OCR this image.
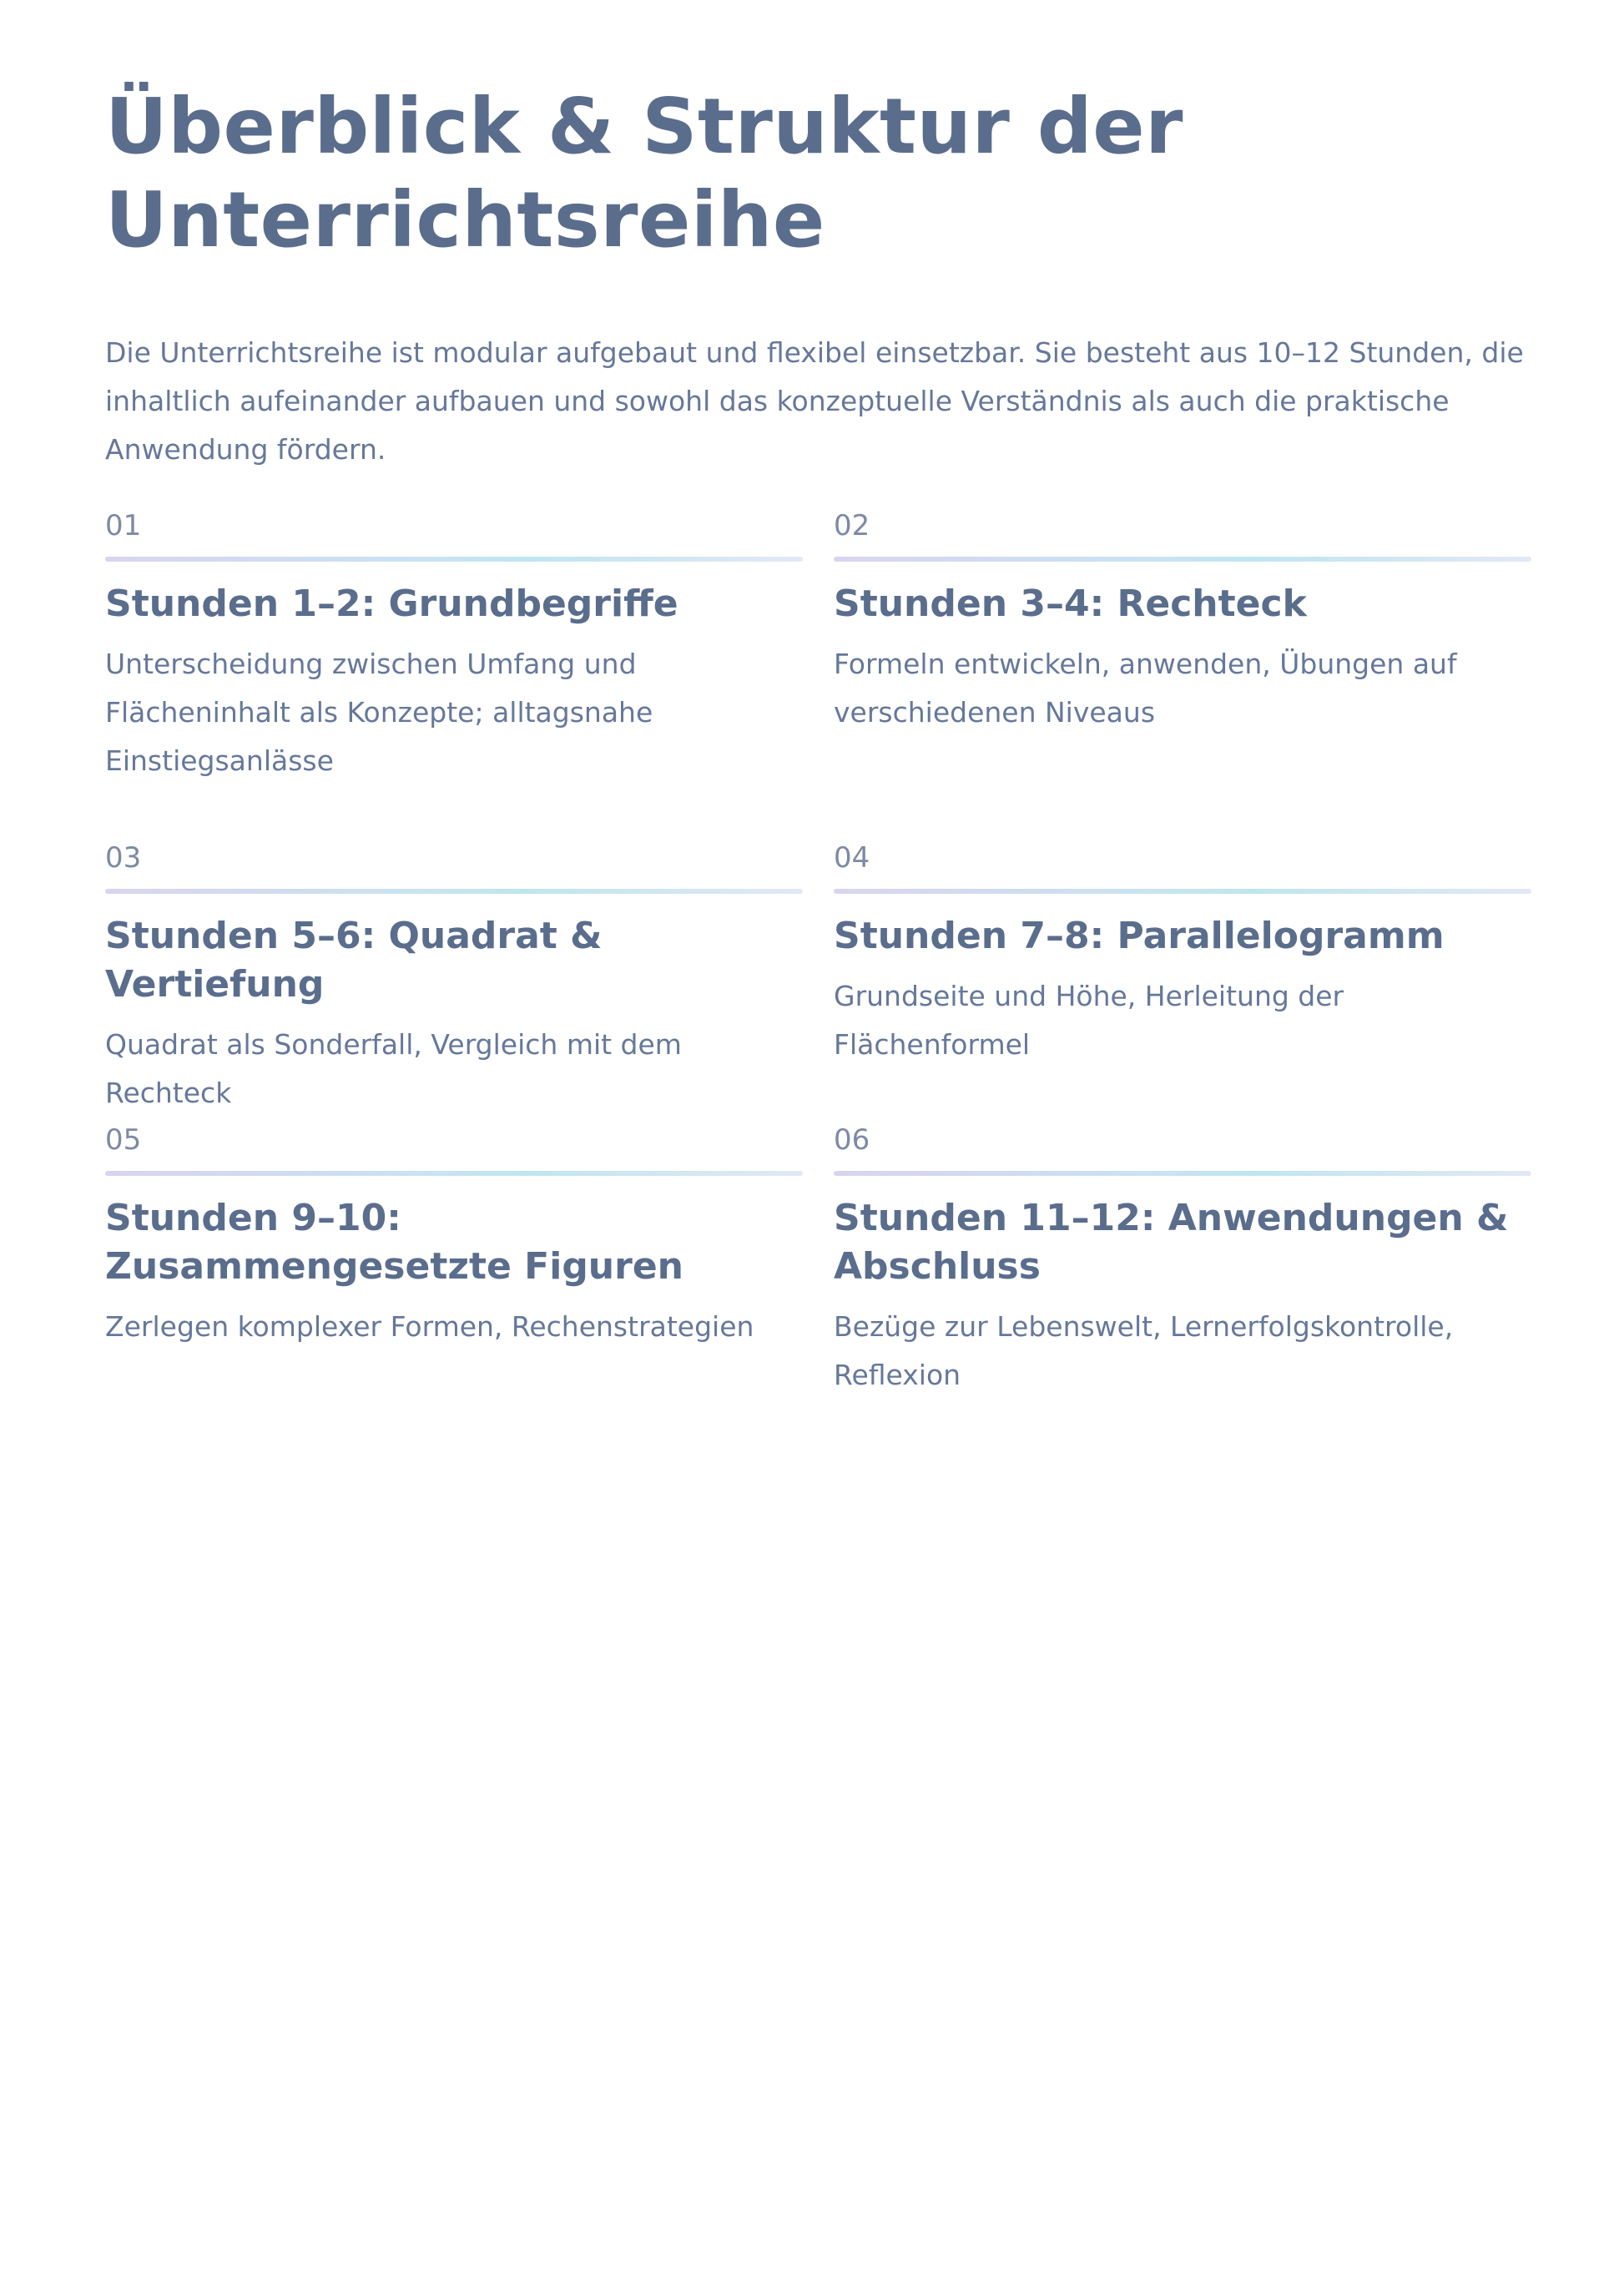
Überblick & Struktur der Unterrichtsreihe

Die Unterrichtsreihe ist modular aufgebaut und flexibel einsetzbar. Sie besteht aus 10–12 Stunden, die inhaltlich aufeinander aufbauen und sowohl das konzeptuelle Verständnis als auch die praktische Anwendung fördern.

01
Stunden 1–2: Grundbegriffe
Unterscheidung zwischen Umfang und Flächeninhalt als Konzepte; alltagsnahe Einstiegsanlässe
02
Stunden 3–4: Rechteck
Formeln entwickeln, anwenden, Übungen auf verschiedenen Niveaus
03
Stunden 5–6: Quadrat & Vertiefung
Quadrat als Sonderfall, Vergleich mit dem Rechteck
04
Stunden 7–8: Parallelogramm
Grundseite und Höhe, Herleitung der Flächenformel
05
Stunden 9–10: Zusammengesetzte Figuren
Zerlegen komplexer Formen, Rechenstrategien
06
Stunden 11–12: Anwendungen & Abschluss
Bezüge zur Lebenswelt, Lernerfolgskontrolle, Reflexion
